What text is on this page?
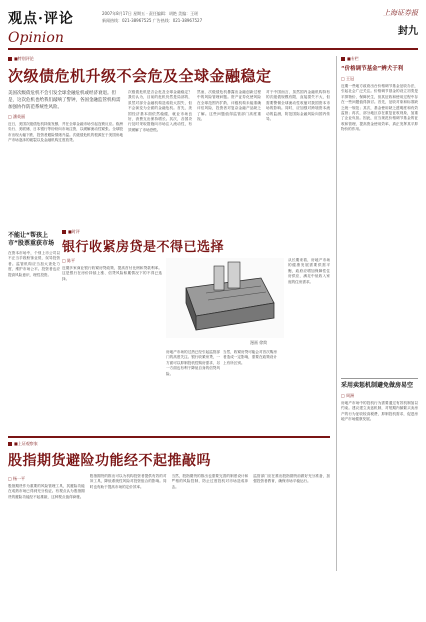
观点·评论
Opinion
2007年8月17日 星期五 · 责任编辑：胡艳 美编：王瑶
新闻热线：021-38967525 广告热线：021-38967527
上海证券报
封九
■特别评论
次级债危机升级不会危及全球金融稳定
美国次级债危机不会引发全球金融危机或经济衰退。但是，这次危机也给我们敲响了警钟，各国金融监管机构需加强协作防范系统性风险。
□ 潘英丽
近日，美国次级债危机持续发酵，并在全球金融市场引起连锁反应。欧洲央行、美联储、日本银行等纷纷向市场注资，以缓解流动性紧张。全球股市出现大幅下跌，投资者避险情绪升温。次级债危机的根源在于美国房地产市场泡沫的破裂以及金融机构过度放贷。
次级债危机是否会危及全球金融稳定？我们认为，目前的危机仍然是局部的，虽然对部分金融机构造成较大损失，但不会演变为全面的金融危机。首先，美国经济基本面依然稳健，就业市场良好，消费支出保持增长。其次，各国央行及时采取措施向市场注入流动性，有效缓解了市场恐慌。
然而，次级债危机暴露出金融创新过程中的风险管理问题。资产证券化使风险在全球范围内扩散，评级机构未能准确评估风险，投资者对复杂金融产品缺乏了解。这些问题值得监管部门高度重视。
对于中国而言，虽然国内金融机构持有的次级债规模有限，直接损失不大，但需要警惕全球流动性收缩对我国资本市场的影响。同时，应加强对跨境资本流动的监测，防范国际金融风险向国内传导。
不能让“帮孩上市”股票重获市场
在资本市场中，个别上市公司以不正当手段粉饰业绩，误导投资者。监管机构应当加大查处力度，维护市场公平。投资者也应提高风险意识，理性投资。
■时评
银行收紧房贷是不得已选择
□ 陈平
近期多家商业银行收紧房贷政策，提高首付比例和贷款利率。这是银行在房价持续上涨、信贷风险积累情况下的不得已选择。
漫画 徐简
房地产市场的过热已经引起监管部门的高度关注。银行收紧房贷，一方面可以抑制投机性购房需求，另一方面也有利于降低自身的信贷风险。
当然，收紧房贷可能会对首次购房者造成一定影响，需要在政策设计上有所区别。
从长期来看，房地产市场的健康发展需要供需平衡，政府应增加保障性住房供应，满足中低收入家庭的住房需求。
■上证观察家
股指期货避险功能经不起推敲吗
□ 杨一平
股指期货作为重要的风险管理工具，其避险功能在成熟市场已得到充分验证。有观点认为股指期货的避险功能经不起推敲，这种观点值得商榷。
股指期货的推出可以为机构投资者提供有效的对冲工具，降低系统性风险对投资组合的影响。同时也有助于提高市场的定价效率。
当然，股指期货的推出也需要完善的制度设计和严格的风险控制，防止过度投机对市场造成冲击。
监管部门应在推出股指期货前做好充分准备，加强投资者教育，确保市场平稳运行。
■专栏
“价格调节基金”辨犬于利
□ 王冠
近期一些地方政府出台价格调节基金征收办法，引起社会广泛关注。价格调节基金的设立初衷是平抑物价，保障民生，但其征收和使用过程中存在一些问题值得探讨。首先，征收对象和标准缺乏统一规范；其次，基金使用缺乏透明度和有效监督；再次，部分地区存在重复征收现象，加重了企业负担。因此，应当规范价格调节基金的征收和管理，提高资金使用效率，真正发挥其平抑物价的作用。
采用卖惩机制避免做房易空
□ 周洲
房地产市场中的投机行为需要通过有效机制加以约束。建议建立卖惩机制，对短期内频繁买卖房产的行为征收较高税费，抑制投机需求，促进房地产市场健康发展。
